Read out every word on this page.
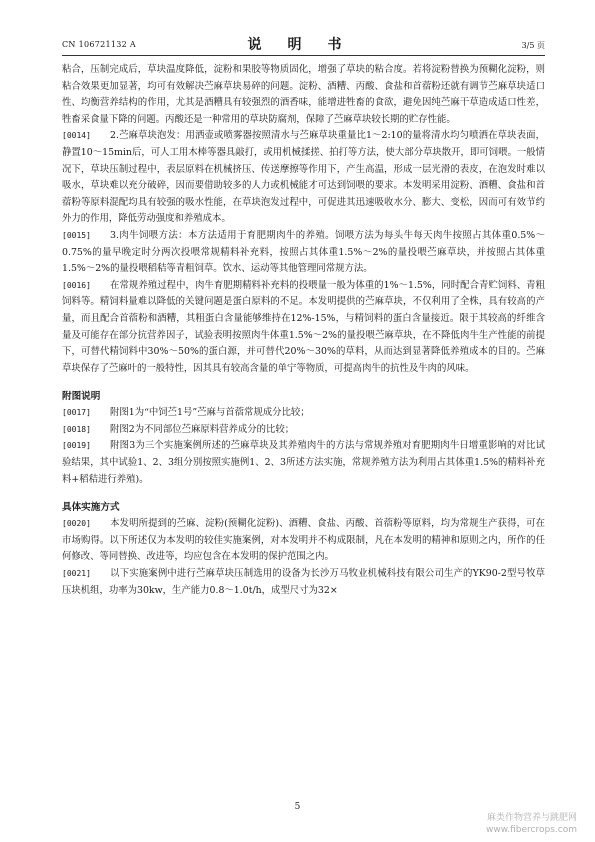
CN 106721132 A	说　明　书	3/5 页

粘合，压制完成后，草块温度降低，淀粉和果胶等物质固化，增强了草块的粘合度。若将淀粉替换为预糊化淀粉，则粘合效果更加显著，均可有效解决苎麻草块易碎的问题。淀粉、酒糟、丙酸、食盐和首蓿粉还就有调节苎麻草块适口性、均衡营养结构的作用，尤其是酒糟具有较强烈的酒香味，能增进牲畜的食欲，避免因纯苎麻干草造成适口性差，牲畜采食量下降的问题。丙酸还是一种常用的草块防腐剂，保障了苎麻草块较长期的贮存性能。

[0014] 2.苎麻草块泡发：用洒壶或喷雾器按照清水与苎麻草块重量比1～2:10的量将清水均匀喷洒在草块表面，静置10～15min后，可人工用木棒等器具敲打，或用机械揉搓、拍打等方法，使大部分草块散开，即可饲喂。一般情况下，草块压制过程中，表层原料在机械挤压、传送摩擦等作用下，产生高温，形成一层光滑的表皮，在泡发时难以吸水，草块难以充分破碎，因而要借助较多的人力或机械能才可达到饲喂的要求。本发明采用淀粉、酒糟、食盐和首蓿粉等原料混配均具有较强的吸水性能，在草块泡发过程中，可促进其迅速吸收水分、膨大、变松，因而可有效节约外力的作用，降低劳动强度和养殖成本。

[0015] 3.肉牛饲喂方法：本方法适用于育肥期肉牛的养殖。饲喂方法为每头牛每天肉牛按照占其体重0.5%～0.75%的量早晚定时分两次投喂常规精料补充料，按照占其体重1.5%～2%的量投喂苎麻草块，并按照占其体重1.5%～2%的量投喂稻秸等青粗饲草。饮水、运动等其他管理同常规方法。

[0016] 在常规养殖过程中，肉牛育肥期精料补充料的投喂量一般为体重的1%～1.5%，同时配合青贮饲料、青粗饲料等。精饲料量难以降低的关键问题是蛋白原料的不足。本发明提供的苎麻草块，不仅利用了全株，具有较高的产量，而且配合首蓿粉和酒糟，其粗蛋白含量能够维持在12%-15%，与精饲料的蛋白含量接近。限于其较高的纤维含量及可能存在部分抗营养因子，试验表明按照肉牛体重1.5%～2%的量投喂苎麻草块，在不降低肉牛生产性能的前提下，可替代精饲料中30%～50%的蛋白源，并可替代20%～30%的草料，从而达到显著降低养殖成本的目的。苎麻草块保存了苎麻叶的一般特性，因其具有较高含量的单宁等物质，可提高肉牛的抗性及牛肉的风味。

附图说明

[0017] 附图1为“中饲苎1号”苎麻与首蓿常规成分比较；

[0018] 附图2为不同部位苎麻原料营养成分的比较；

[0019] 附图3为三个实施案例所述的苎麻草块及其养殖肉牛的方法与常规养殖对育肥期肉牛日增重影响的对比试验结果，其中试验1、2、3组分别按照实施例1、2、3所述方法实施，常规养殖方法为利用占其体重1.5%的精料补充料+稻秸进行养殖)。

具体实施方式

[0020] 本发明所提到的苎麻、淀粉(预糊化淀粉)、酒糟、食盐、丙酸、首蓿粉等原料，均为常规生产获得，可在市场购得。以下所述仅为本发明的较佳实施案例，对本发明并不构成限制，凡在本发明的精神和原则之内，所作的任何修改、等同替换、改进等，均应包含在本发明的保护范围之内。

[0021] 以下实施案例中进行苎麻草块压制选用的设备为长沙万马牧业机械科技有限公司生产的YK90-2型号牧草压块机组，功率为30kw，生产能力0.8～1.0t/h，成型尺寸为32×

5
麻类作物营养与跳肥网
www.fibercrops.com
